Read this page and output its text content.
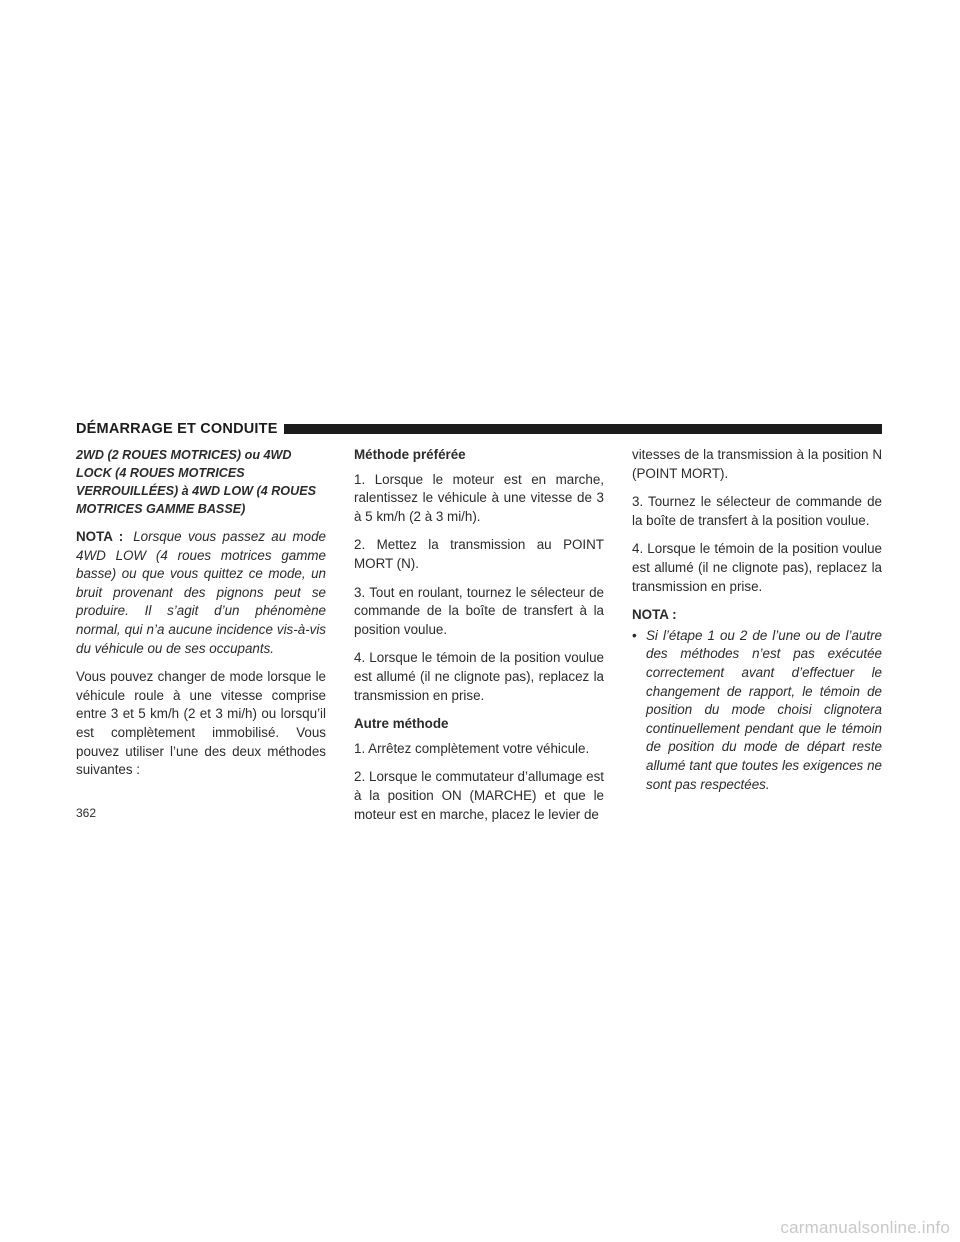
DÉMARRAGE ET CONDUITE

2WD (2 ROUES MOTRICES) ou 4WD LOCK (4 ROUES MOTRICES VERROUILLÉES) à 4WD LOW (4 ROUES MOTRICES GAMME BASSE)

NOTA : Lorsque vous passez au mode 4WD LOW (4 roues motrices gamme basse) ou que vous quittez ce mode, un bruit provenant des pignons peut se produire. Il s’agit d’un phénomène normal, qui n’a aucune incidence vis-à-vis du véhicule ou de ses occupants.

Vous pouvez changer de mode lorsque le véhicule roule à une vitesse comprise entre 3 et 5 km/h (2 et 3 mi/h) ou lorsqu’il est complètement immobilisé. Vous pouvez utiliser l’une des deux méthodes suivantes :

Méthode préférée

1. Lorsque le moteur est en marche, ralentissez le véhicule à une vitesse de 3 à 5 km/h (2 à 3 mi/h).

2. Mettez la transmission au POINT MORT (N).

3. Tout en roulant, tournez le sélecteur de commande de la boîte de transfert à la position voulue.

4. Lorsque le témoin de la position voulue est allumé (il ne clignote pas), replacez la transmission en prise.

Autre méthode

1. Arrêtez complètement votre véhicule.

2. Lorsque le commutateur d’allumage est à la position ON (MARCHE) et que le moteur est en marche, placez le levier de

vitesses de la transmission à la position N (POINT MORT).

3. Tournez le sélecteur de commande de la boîte de transfert à la position voulue.

4. Lorsque le témoin de la position voulue est allumé (il ne clignote pas), replacez la transmission en prise.

NOTA :

• Si l’étape 1 ou 2 de l’une ou de l’autre des méthodes n’est pas exécutée correctement avant d’effectuer le changement de rapport, le témoin de position du mode choisi clignotera continuellement pendant que le témoin de position du mode de départ reste allumé tant que toutes les exigences ne sont pas respectées.
362
carmanualsonline.info
